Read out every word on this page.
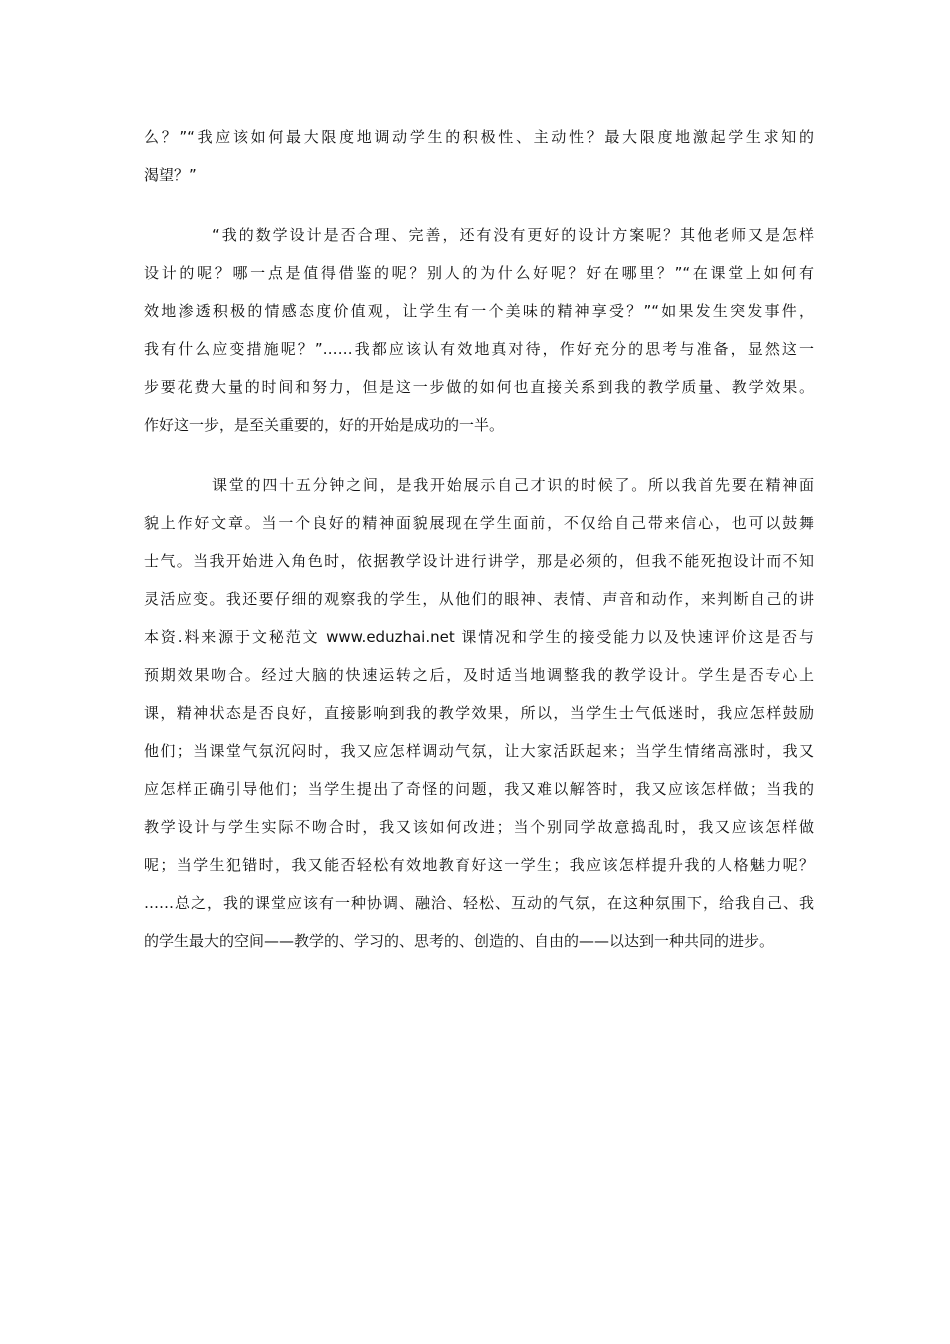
么？”“我应该如何最大限度地调动学生的积极性、主动性？最大限度地激起学生求知的
渴望？”
“我的数学设计是否合理、完善，还有没有更好的设计方案呢？其他老师又是怎样
设计的呢？哪一点是值得借鉴的呢？别人的为什么好呢？好在哪里？”“在课堂上如何有
效地渗透积极的情感态度价值观，让学生有一个美味的精神享受？”“如果发生突发事件，
我有什么应变措施呢？”……我都应该认有效地真对待，作好充分的思考与准备，显然这一
步要花费大量的时间和努力，但是这一步做的如何也直接关系到我的教学质量、教学效果。
作好这一步，是至关重要的，好的开始是成功的一半。
课堂的四十五分钟之间，是我开始展示自己才识的时候了。所以我首先要在精神面
貌上作好文章。当一个良好的精神面貌展现在学生面前，不仅给自己带来信心，也可以鼓舞
士气。当我开始进入角色时，依据教学设计进行讲学，那是必须的，但我不能死抱设计而不知
灵活应变。我还要仔细的观察我的学生，从他们的眼神、表情、声音和动作，来判断自己的讲
本资.料来源于文秘范文 www.eduzhai.net 课情况和学生的接受能力以及快速评价这是否与
预期效果吻合。经过大脑的快速运转之后，及时适当地调整我的教学设计。学生是否专心上
课，精神状态是否良好，直接影响到我的教学效果，所以，当学生士气低迷时，我应怎样鼓励
他们；当课堂气氛沉闷时，我又应怎样调动气氛，让大家活跃起来；当学生情绪高涨时，我又
应怎样正确引导他们；当学生提出了奇怪的问题，我又难以解答时，我又应该怎样做；当我的
教学设计与学生实际不吻合时，我又该如何改进；当个别同学故意捣乱时，我又应该怎样做
呢；当学生犯错时，我又能否轻松有效地教育好这一学生；我应该怎样提升我的人格魅力呢？
……总之，我的课堂应该有一种协调、融洽、轻松、互动的气氛，在这种氛围下，给我自己、我
的学生最大的空间——教学的、学习的、思考的、创造的、自由的——以达到一种共同的进步。
